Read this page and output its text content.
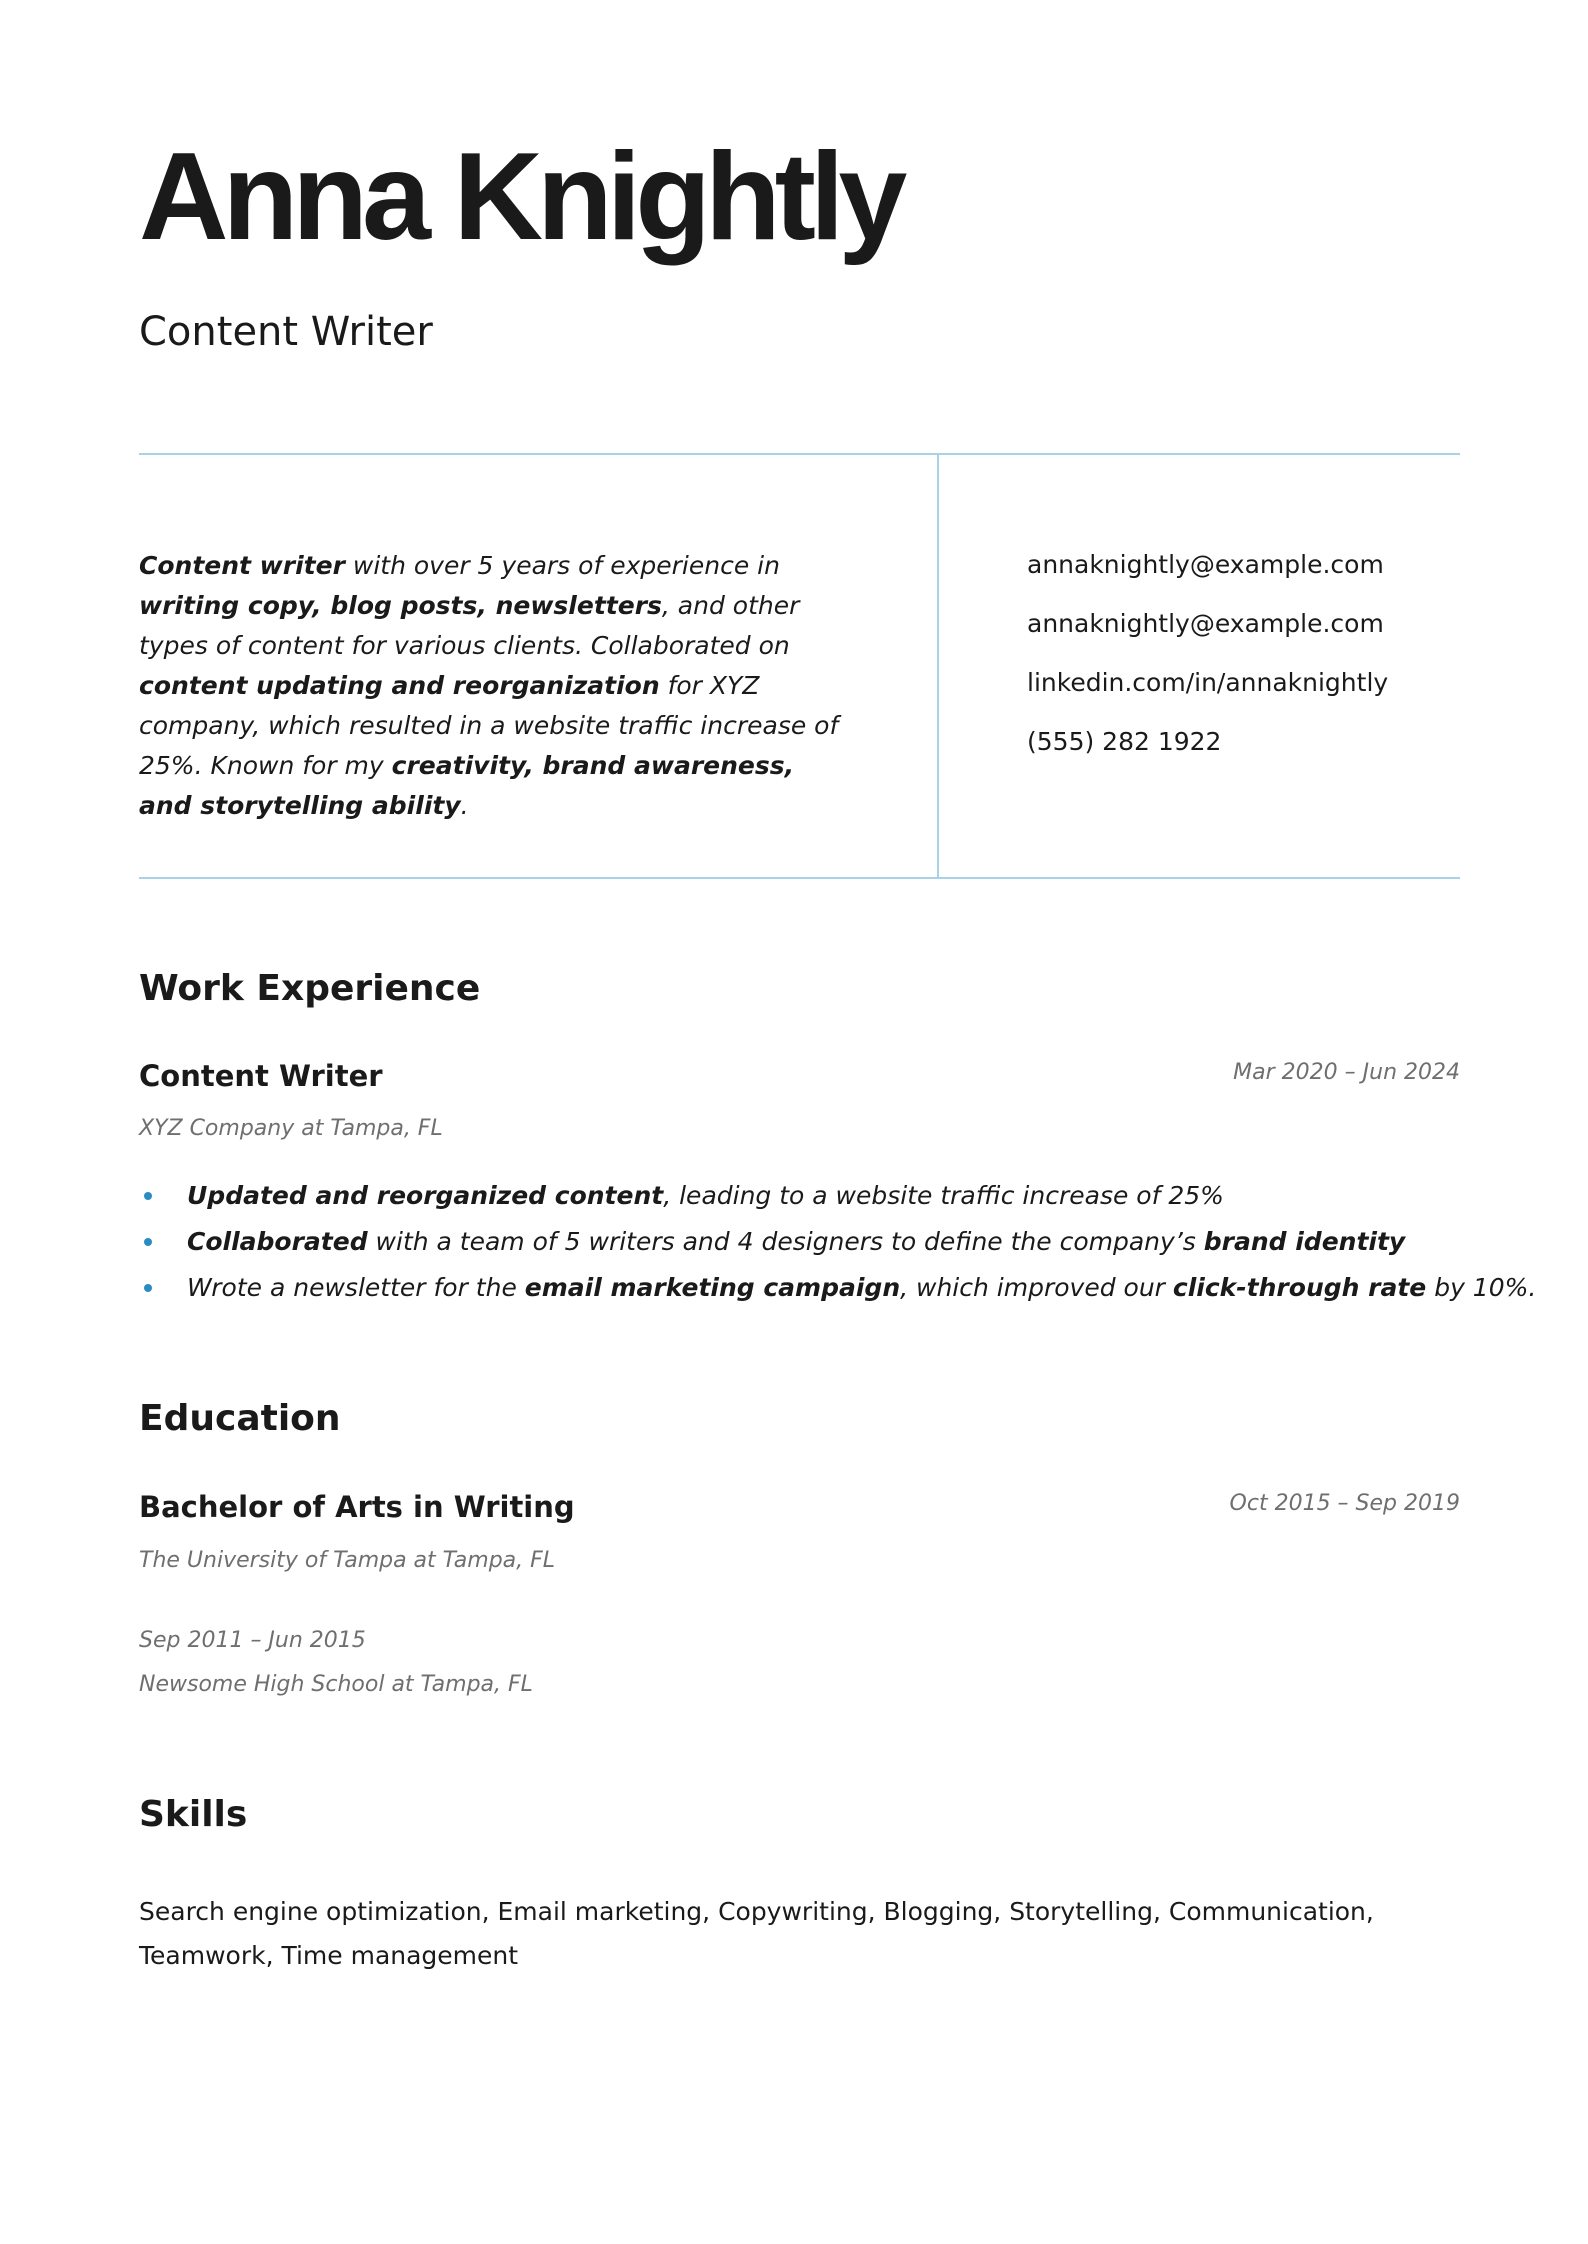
Anna Knightly
Content Writer

Content writer with over 5 years of experience in writing copy, blog posts, newsletters, and other types of content for various clients. Collaborated on content updating and reorganization for XYZ company, which resulted in a website traffic increase of 25%. Known for my creativity, brand awareness, and storytelling ability.

annaknightly@example.com
annaknightly@example.com
linkedin.com/in/annaknightly
(555) 282 1922
Work Experience
Content Writer	Mar 2020 – Jun 2024

XYZ Company at Tampa, FL

Updated and reorganized content, leading to a website traffic increase of 25%
Collaborated with a team of 5 writers and 4 designers to define the company’s brand identity
Wrote a newsletter for the email marketing campaign, which improved our click-through rate by 10%.
Education
Bachelor of Arts in Writing	Oct 2015 – Sep 2019

The University of Tampa at Tampa, FL

Sep 2011 – Jun 2015

Newsome High School at Tampa, FL

Skills

Search engine optimization, Email marketing, Copywriting, Blogging, Storytelling, Communication, Teamwork, Time management
